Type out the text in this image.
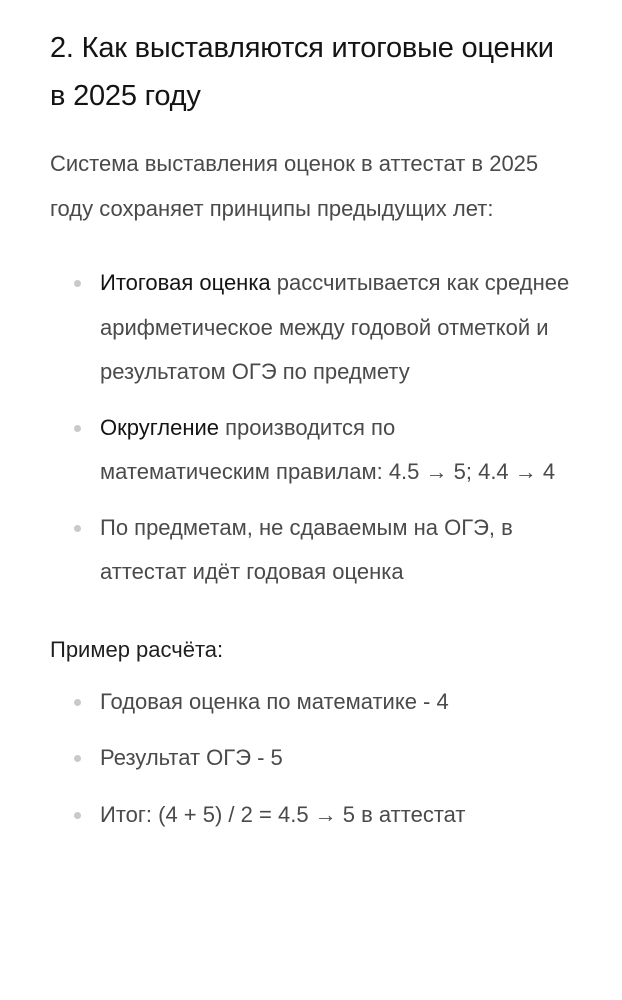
2. Как выставляются итоговые оценки в 2025 году

Система выставления оценок в аттестат в 2025 году сохраняет принципы предыдущих лет:

Итоговая оценка рассчитывается как среднее арифметическое между годовой отметкой и результатом ОГЭ по предмету
Округление производится по математическим правилам: 4.5 → 5; 4.4 → 4
По предметам, не сдаваемым на ОГЭ, в аттестат идёт годовая оценка

Пример расчёта:

Годовая оценка по математике - 4
Результат ОГЭ - 5
Итог: (4 + 5) / 2 = 4.5 → 5 в аттестат
